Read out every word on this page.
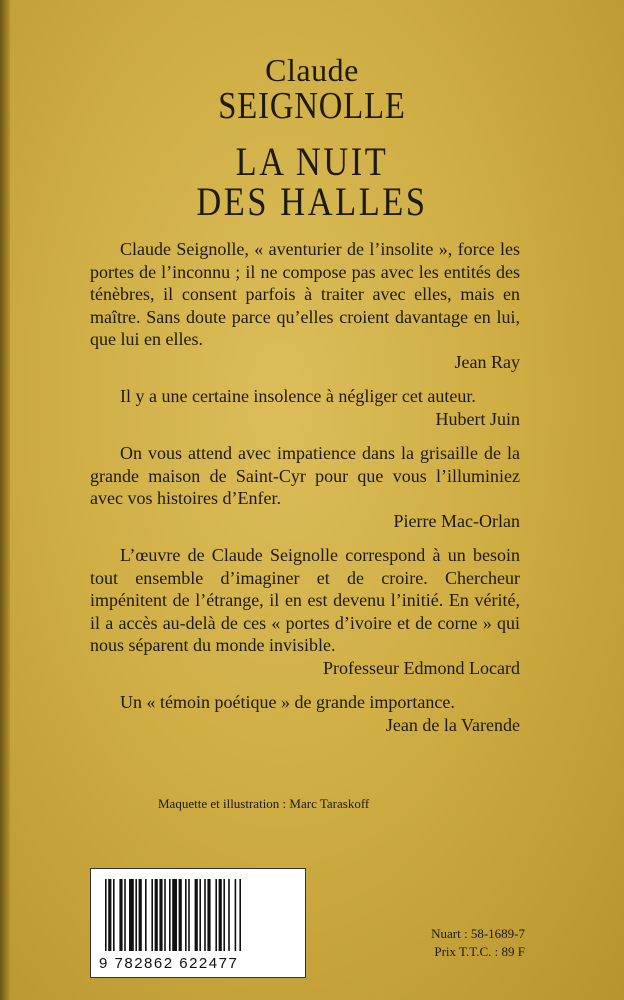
Claude
SEIGNOLLE
LA NUIT
DES HALLES

Claude Seignolle, « aventurier de l’insolite », force les portes de l’inconnu ; il ne compose pas avec les entités des ténèbres, il consent parfois à traiter avec elles, mais en maître. Sans doute parce qu’elles croient davantage en lui, que lui en elles.

Jean Ray

Il y a une certaine insolence à négliger cet auteur.

Hubert Juin

On vous attend avec impatience dans la grisaille de la grande maison de Saint-Cyr pour que vous l’illuminiez avec vos histoires d’Enfer.

Pierre Mac-Orlan

L’œuvre de Claude Seignolle correspond à un besoin tout ensemble d’imaginer et de croire. Chercheur impénitent de l’étrange, il en est devenu l’initié. En vérité, il a accès au-delà de ces « portes d’ivoire et de corne » qui nous séparent du monde invisible.

Professeur Edmond Locard

Un « témoin poétique » de grande importance.

Jean de la Varende

Maquette et illustration : Marc Taraskoff
9 782862 622477
Nuart : 58-1689-7
Prix T.T.C. : 89 F
